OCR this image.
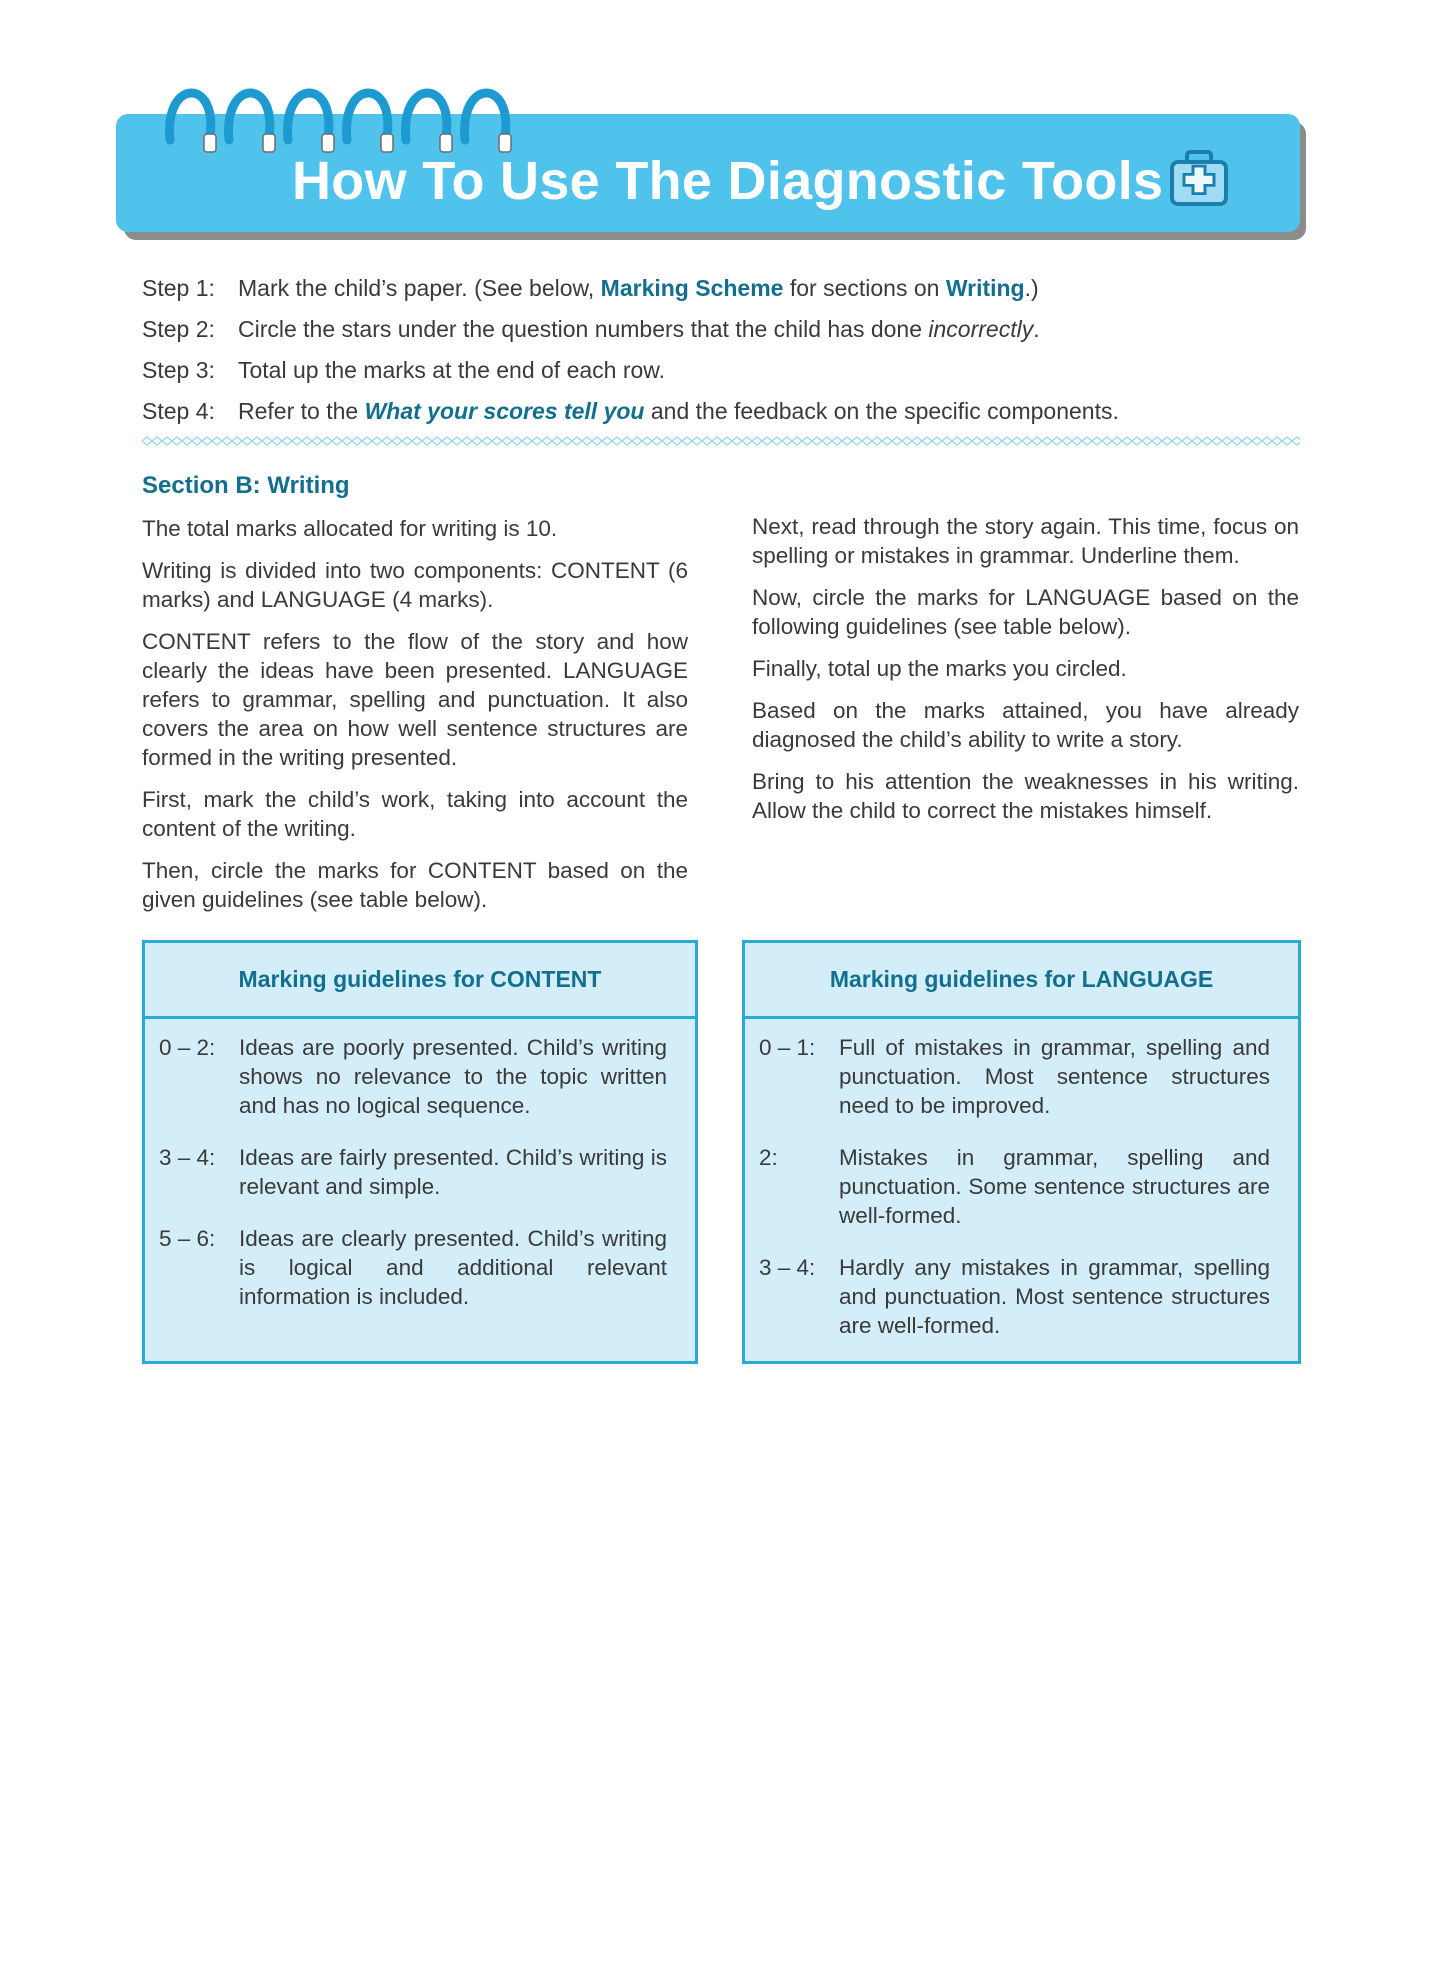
How To Use The Diagnostic Tools
Step 1:	Mark the child’s paper. (See below, Marking Scheme for sections on Writing.)
Step 2:	Circle the stars under the question numbers that the child has done incorrectly.
Step 3:	Total up the marks at the end of each row.
Step 4:	Refer to the What your scores tell you and the feedback on the specific components.
Section B: Writing

The total marks allocated for writing is 10.

Writing is divided into two components: CONTENT (6 marks) and LANGUAGE (4 marks).

CONTENT refers to the flow of the story and how clearly the ideas have been presented. LANGUAGE refers to grammar, spelling and punctuation. It also covers the area on how well sentence structures are formed in the writing presented.

First, mark the child’s work, taking into account the content of the writing.

Then, circle the marks for CONTENT based on the given guidelines (see table below).

Next, read through the story again. This time, focus on spelling or mistakes in grammar. Underline them.

Now, circle the marks for LANGUAGE based on the following guidelines (see table below).

Finally, total up the marks you circled.

Based on the marks attained, you have already diagnosed the child’s ability to write a story.

Bring to his attention the weaknesses in his writing. Allow the child to correct the mistakes himself.

Marking guidelines for CONTENT
0 – 2:	Ideas are poorly presented. Child’s writing shows no relevance to the topic written and has no logical sequence.
3 – 4:	Ideas are fairly presented. Child’s writing is relevant and simple.
5 – 6:	Ideas are clearly presented. Child’s writing is logical and additional relevant information is included.
Marking guidelines for LANGUAGE
0 – 1:	Full of mistakes in grammar, spelling and punctuation. Most sentence structures need to be improved.
2:	Mistakes in grammar, spelling and punctuation. Some sentence structures are well-formed.
3 – 4:	Hardly any mistakes in grammar, spelling and punctuation. Most sentence structures are well-formed.
